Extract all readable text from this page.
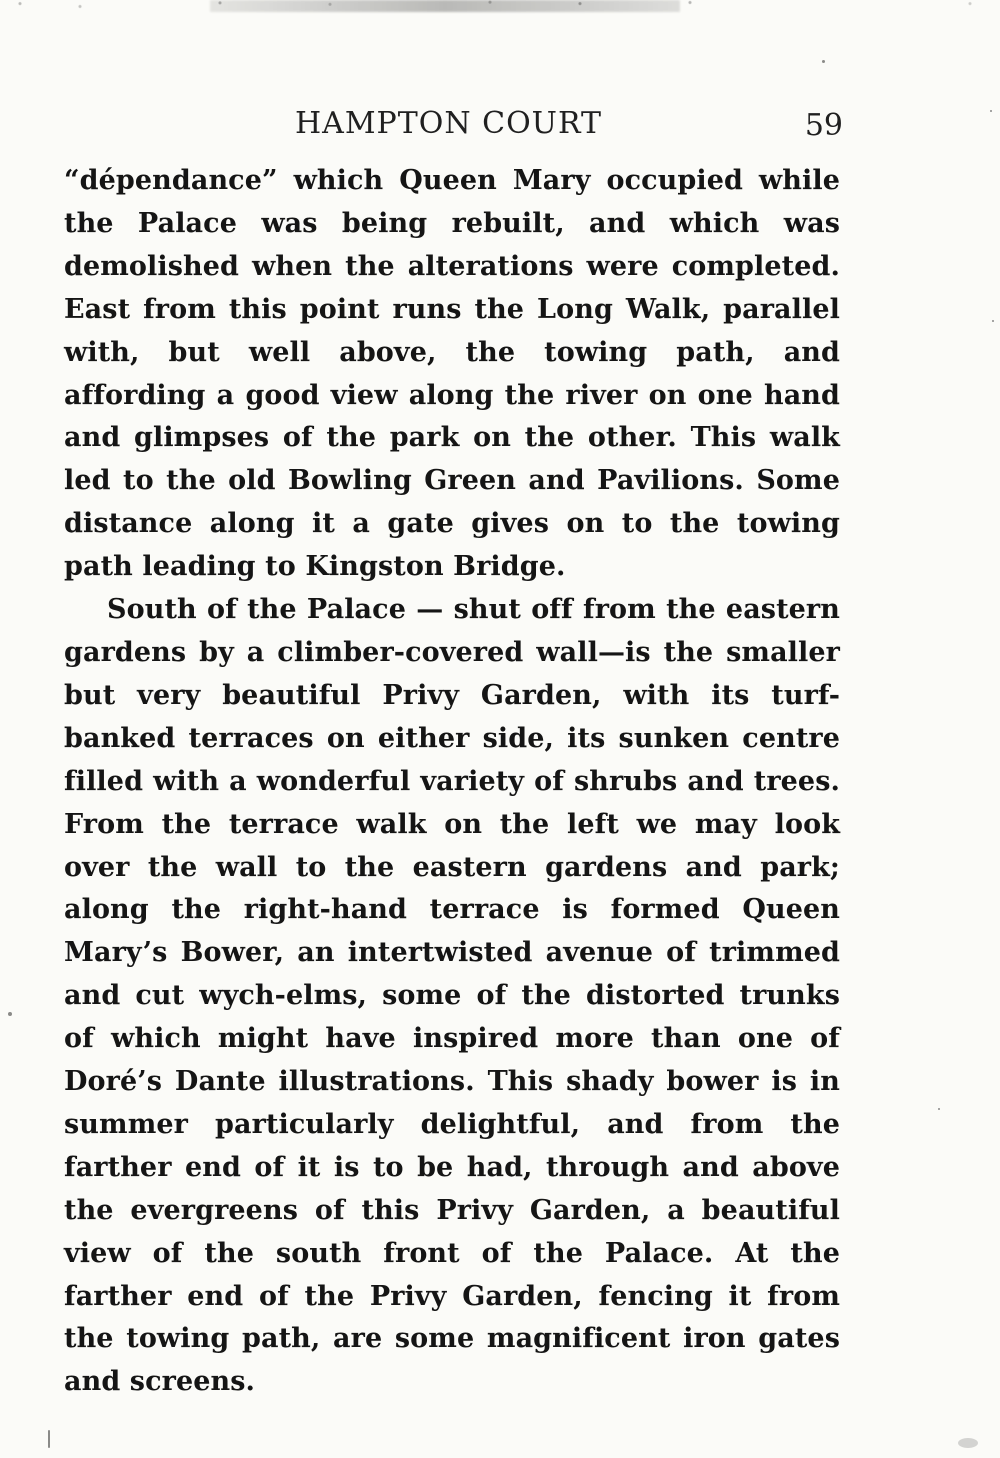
HAMPTON COURT	59

“dépendance” which Queen Mary occupied while the Palace was being rebuilt, and which was demolished when the alterations were completed. East from this point runs the Long Walk, parallel with, but well above, the towing path, and affording a good view along the river on one hand and glimpses of the park on the other. This walk led to the old Bowling Green and Pavilions. Some distance along it a gate gives on to the towing path leading to Kingston Bridge.

South of the Palace — shut off from the eastern gardens by a climber-covered wall—is the smaller but very beautiful Privy Garden, with its turf-banked terraces on either side, its sunken centre filled with a wonderful variety of shrubs and trees. From the terrace walk on the left we may look over the wall to the eastern gardens and park; along the right-hand terrace is formed Queen Mary’s Bower, an intertwisted avenue of trimmed and cut wych-elms, some of the distorted trunks of which might have inspired more than one of Doré’s Dante illustrations. This shady bower is in summer particularly delightful, and from the farther end of it is to be had, through and above the evergreens of this Privy Garden, a beautiful view of the south front of the Palace. At the farther end of the Privy Garden, fencing it from the towing path, are some magnificent iron gates and screens.
